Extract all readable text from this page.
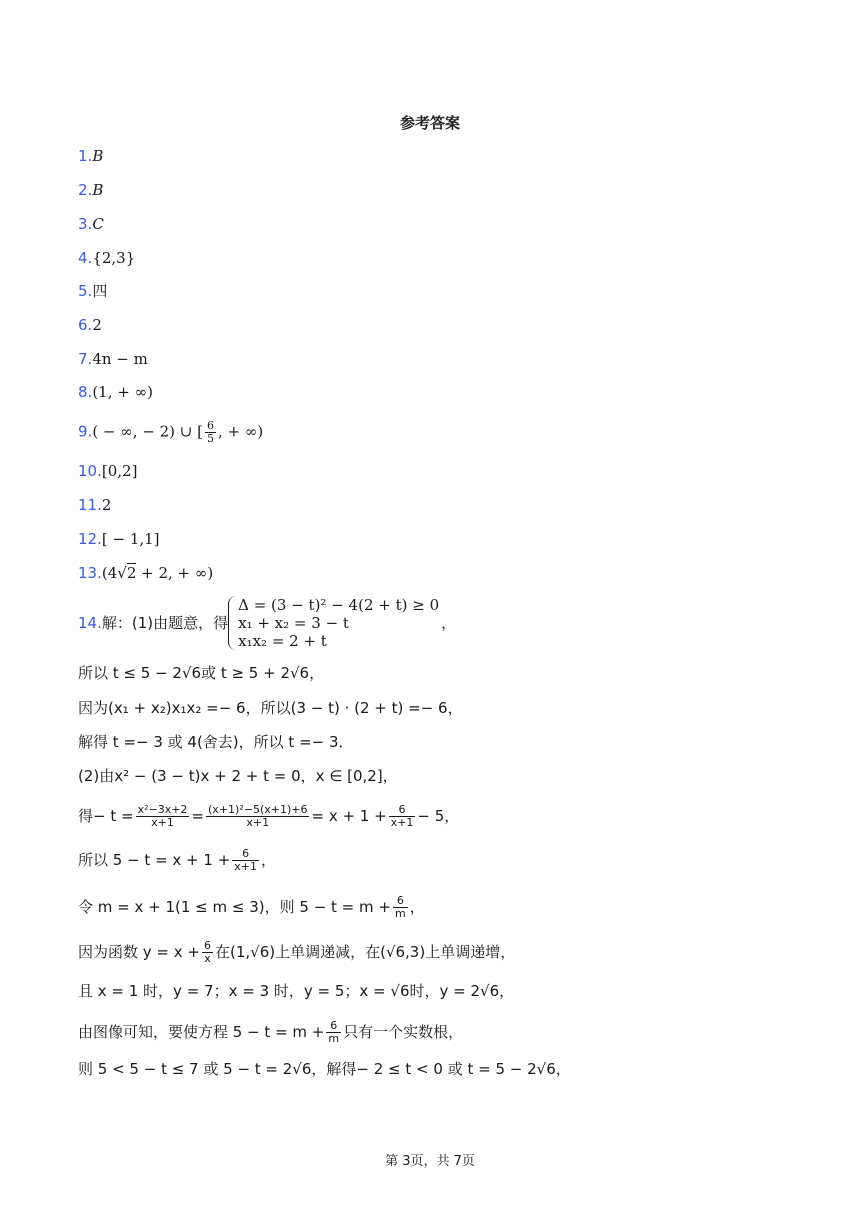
参考答案
1.B
2.B
3.C
4.{2,3}
5.四
6.2
7.4n − m
8.(1, + ∞)
9.( − ∞, − 2) ∪ [ $\frac{6}{5}$ , + ∞)
10.[0,2]
11.2
12.[ − 1,1]
13.(4√2 + 2, + ∞)
14.解：(1)由题意，得
Δ = (3 − t)² − 4(2 + t) ≥ 0
x₁ + x₂ = 3 − t
x₁x₂ = 2 + t
，
所以 t ≤ 5 − 2√6或 t ≥ 5 + 2√6，
因为(x₁ + x₂)x₁x₂ =− 6，所以(3 − t) · (2 + t) =− 6，
解得 t =− 3 或 4(舍去)，所以 t =− 3．
(2)由x² − (3 − t)x + 2 + t = 0，x ∈ [0,2]，
得− $t = \frac{\text{x²−3x+2}}{x+1} = \frac{\text{(x+1)²−5(x+1)+6}}{x+1} = x + 1 + \frac{6}{x+1} - 5$，
所以 $5 - t = x + 1 + \frac{6}{x+1}$ ，
令 m = x + 1(1 ≤ m ≤ 3)，则 $5 - t = m + \frac{6}{m}$ ，
因为函数 $y = x + \frac{6}{x}$ 在(1,√6)上单调递减，在(√6,3)上单调递增，
且 x = 1 时，y = 7；x = 3 时，y = 5；x = √6时，y = 2√6，
由图像可知，要使方程 $5 - t = m + \frac{6}{m}$ 只有一个实数根，
则 5 < 5 − t ≤ 7 或 5 − t = 2√6，解得− 2 ≤ t < 0 或 t = 5 − 2√6，
第 3页，共 7页
